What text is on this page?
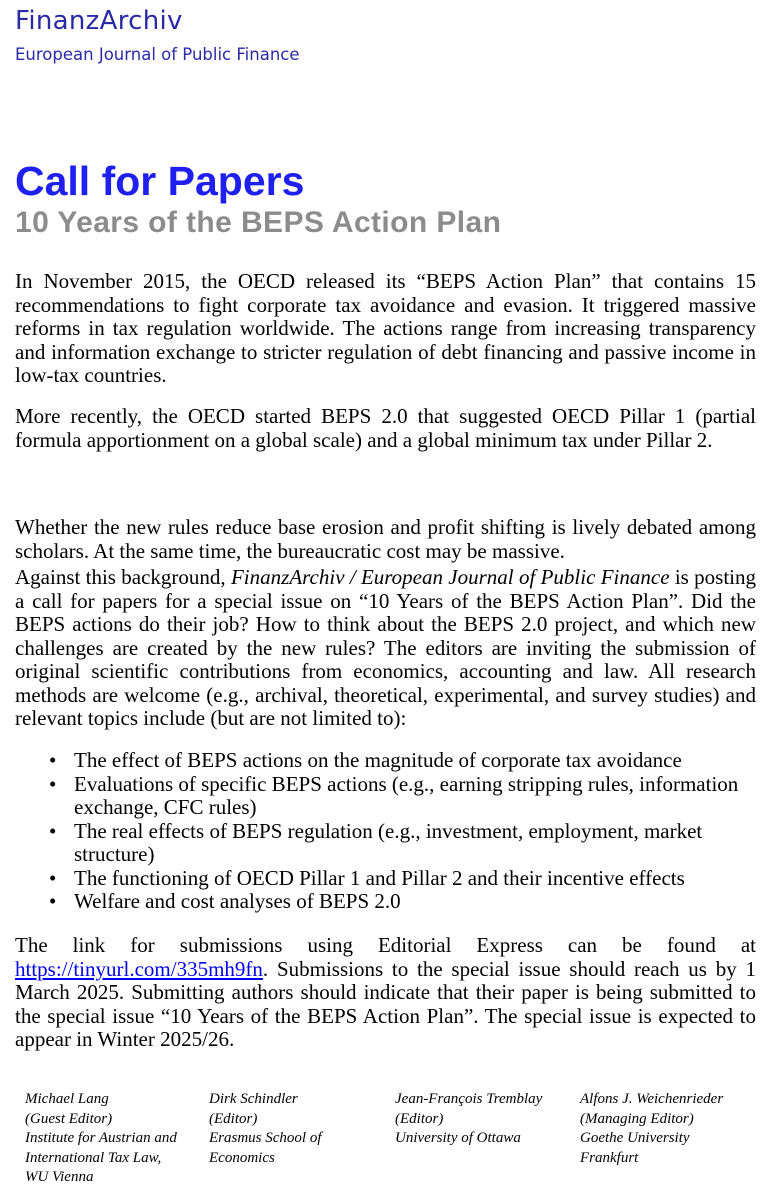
FinanzArchiv
European Journal of Public Finance
Call for Papers
10 Years of the BEPS Action Plan

In November 2015, the OECD released its “BEPS Action Plan” that contains 15 recommendations to fight corporate tax avoidance and evasion. It triggered massive reforms in tax regulation worldwide. The actions range from increasing transparency and information exchange to stricter regulation of debt financing and passive income in low-tax countries.

More recently, the OECD started BEPS 2.0 that suggested OECD Pillar 1 (partial formula apportionment on a global scale) and a global minimum tax under Pillar 2.

Whether the new rules reduce base erosion and profit shifting is lively debated among scholars. At the same time, the bureaucratic cost may be massive.

Against this background, FinanzArchiv / European Journal of Public Finance is posting a call for papers for a special issue on “10 Years of the BEPS Action Plan”. Did the BEPS actions do their job? How to think about the BEPS 2.0 project, and which new challenges are created by the new rules? The editors are inviting the submission of original scientific contributions from economics, accounting and law. All research methods are welcome (e.g., archival, theoretical, experimental, and survey studies) and relevant topics include (but are not limited to):

• The effect of BEPS actions on the magnitude of corporate tax avoidance
• Evaluations of specific BEPS actions (e.g., earning stripping rules, information exchange, CFC rules)
• The real effects of BEPS regulation (e.g., investment, employment, market structure)
• The functioning of OECD Pillar 1 and Pillar 2 and their incentive effects
• Welfare and cost analyses of BEPS 2.0

The link for submissions using Editorial Express can be found at https://tinyurl.com/335mh9fn. Submissions to the special issue should reach us by 1 March 2025. Submitting authors should indicate that their paper is being submitted to the special issue “10 Years of the BEPS Action Plan”. The special issue is expected to appear in Winter 2025/26.

Michael Lang
(Guest Editor)
Institute for Austrian and
International Tax Law,
WU Vienna
Dirk Schindler
(Editor)
Erasmus School of
Economics
Jean-François Tremblay
(Editor)
University of Ottawa
Alfons J. Weichenrieder
(Managing Editor)
Goethe University
Frankfurt
